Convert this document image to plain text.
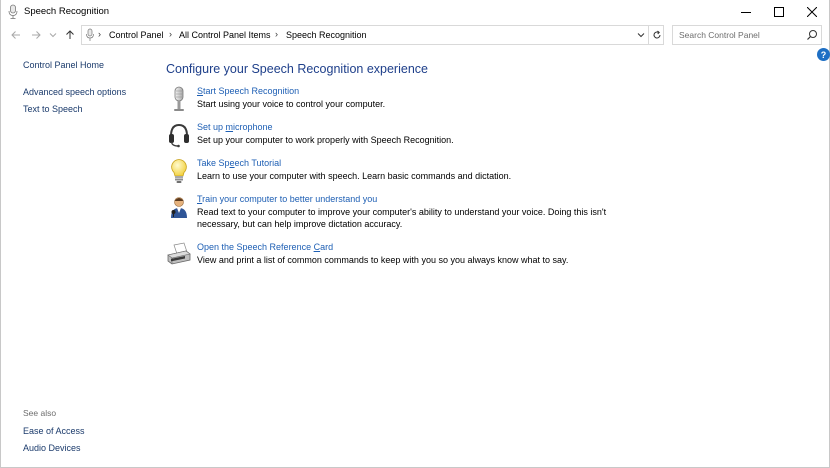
Speech Recognition
› Control Panel › All Control Panel Items › Speech Recognition
Search Control Panel
?
Control Panel Home
Advanced speech options
Text to Speech
See also
Ease of Access
Audio Devices
Configure your Speech Recognition experience
Start Speech Recognition
Start using your voice to control your computer.
Set up microphone
Set up your computer to work properly with Speech Recognition.
Take Speech Tutorial
Learn to use your computer with speech. Learn basic commands and dictation.
Train your computer to better understand you
Read text to your computer to improve your computer's ability to understand your voice. Doing this isn't necessary, but can help improve dictation accuracy.
Open the Speech Reference Card
View and print a list of common commands to keep with you so you always know what to say.
